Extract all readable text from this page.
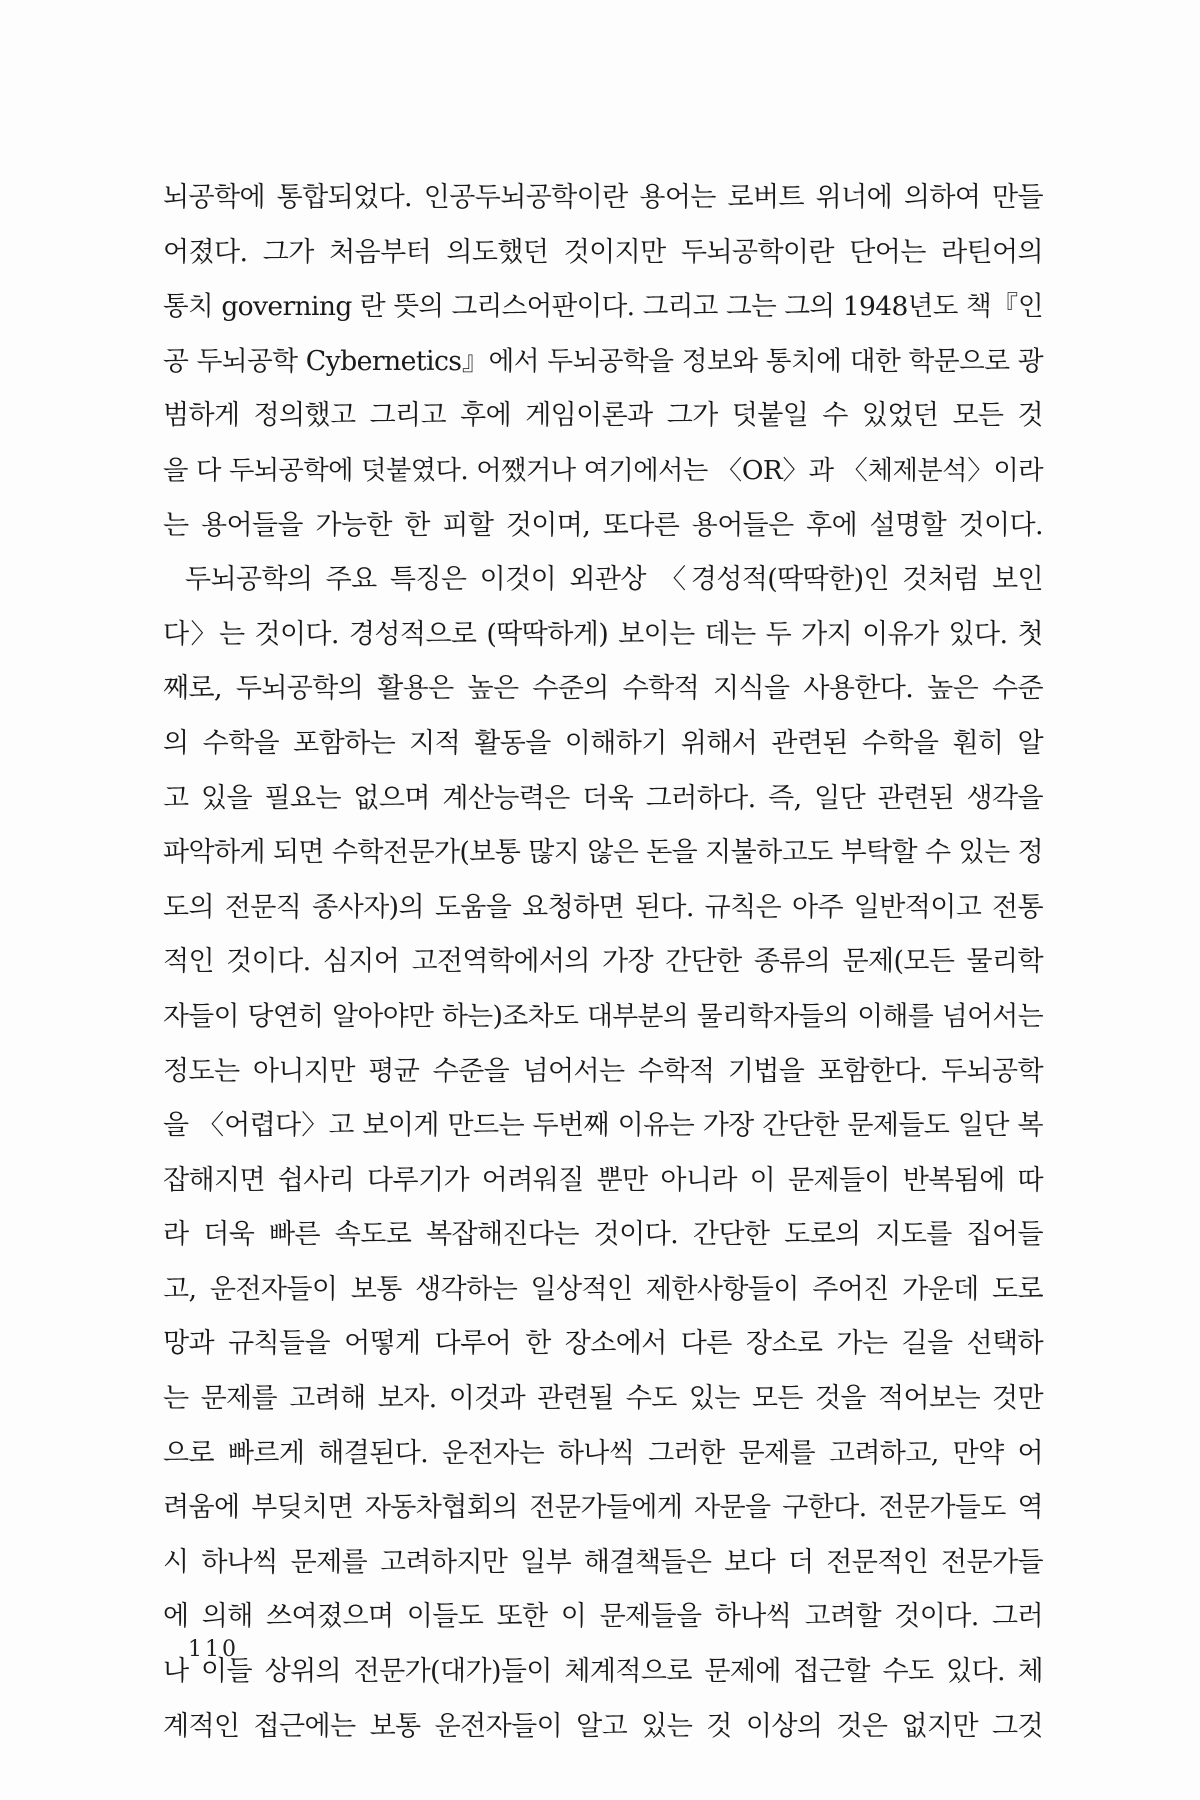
뇌공학에 통합되었다. 인공두뇌공학이란 용어는 로버트 위너에 의하여 만들
어졌다. 그가 처음부터 의도했던 것이지만 두뇌공학이란 단어는 라틴어의
통치 governing 란 뜻의 그리스어판이다. 그리고 그는 그의 1948년도 책『인
공 두뇌공학 Cybernetics』에서 두뇌공학을 정보와 통치에 대한 학문으로 광
범하게 정의했고 그리고 후에 게임이론과 그가 덧붙일 수 있었던 모든 것
을 다 두뇌공학에 덧붙였다. 어쨌거나 여기에서는 〈OR〉과 〈체제분석〉이라
는 용어들을 가능한 한 피할 것이며, 또다른 용어들은 후에 설명할 것이다.
두뇌공학의 주요 특징은 이것이 외관상 〈경성적(딱딱한)인 것처럼 보인
다〉는 것이다. 경성적으로 (딱딱하게) 보이는 데는 두 가지 이유가 있다. 첫
째로, 두뇌공학의 활용은 높은 수준의 수학적 지식을 사용한다. 높은 수준
의 수학을 포함하는 지적 활동을 이해하기 위해서 관련된 수학을 훤히 알
고 있을 필요는 없으며 계산능력은 더욱 그러하다. 즉, 일단 관련된 생각을
파악하게 되면 수학전문가(보통 많지 않은 돈을 지불하고도 부탁할 수 있는 정
도의 전문직 종사자)의 도움을 요청하면 된다. 규칙은 아주 일반적이고 전통
적인 것이다. 심지어 고전역학에서의 가장 간단한 종류의 문제(모든 물리학
자들이 당연히 알아야만 하는)조차도 대부분의 물리학자들의 이해를 넘어서는
정도는 아니지만 평균 수준을 넘어서는 수학적 기법을 포함한다. 두뇌공학
을 〈어렵다〉고 보이게 만드는 두번째 이유는 가장 간단한 문제들도 일단 복
잡해지면 쉽사리 다루기가 어려워질 뿐만 아니라 이 문제들이 반복됨에 따
라 더욱 빠른 속도로 복잡해진다는 것이다. 간단한 도로의 지도를 집어들
고, 운전자들이 보통 생각하는 일상적인 제한사항들이 주어진 가운데 도로
망과 규칙들을 어떻게 다루어 한 장소에서 다른 장소로 가는 길을 선택하
는 문제를 고려해 보자. 이것과 관련될 수도 있는 모든 것을 적어보는 것만
으로 빠르게 해결된다. 운전자는 하나씩 그러한 문제를 고려하고, 만약 어
려움에 부딪치면 자동차협회의 전문가들에게 자문을 구한다. 전문가들도 역
시 하나씩 문제를 고려하지만 일부 해결책들은 보다 더 전문적인 전문가들
에 의해 쓰여졌으며 이들도 또한 이 문제들을 하나씩 고려할 것이다. 그러
나 이들 상위의 전문가(대가)들이 체계적으로 문제에 접근할 수도 있다. 체
계적인 접근에는 보통 운전자들이 알고 있는 것 이상의 것은 없지만 그것
110
